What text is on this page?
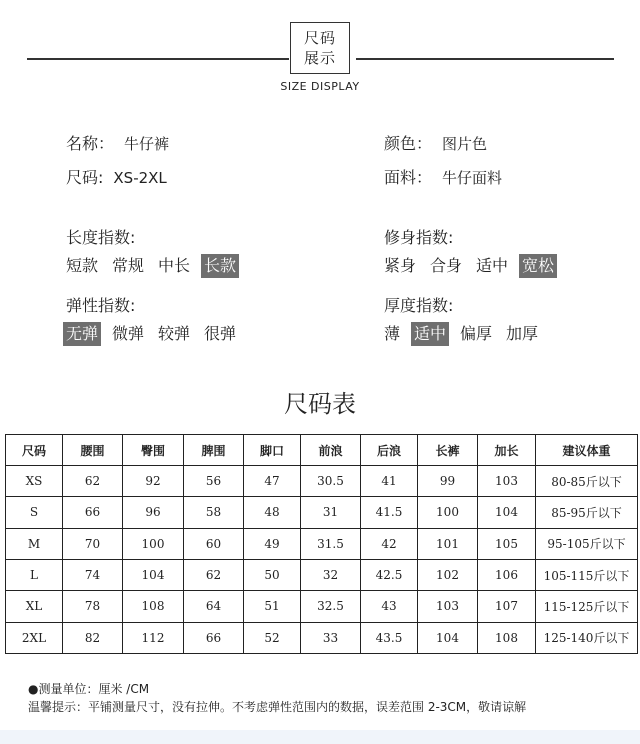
尺码
展示
SIZE DISPLAY
名称： 牛仔裤
尺码: XS-2XL
颜色： 图片色
面料： 牛仔面料
长度指数:
短款 常规 中长 长款
修身指数:
紧身 合身 适中 宽松
弹性指数:
无弹 微弹 较弹 很弹
厚度指数:
薄 适中 偏厚 加厚
尺码表
尺码	腰围	臀围	脾围	脚口	前浪	后浪	长裤	加长	建议体重
XS	62	92	56	47	30.5	41	99	103	80-85斤以下
S	66	96	58	48	31	41.5	100	104	85-95斤以下
M	70	100	60	49	31.5	42	101	105	95-105斤以下
L	74	104	62	50	32	42.5	102	106	105-115斤以下
XL	78	108	64	51	32.5	43	103	107	115-125斤以下
2XL	82	112	66	52	33	43.5	104	108	125-140斤以下
●测量单位：厘米 /CM
温馨提示：平铺测量尺寸，没有拉伸。不考虑弹性范围内的数据，误差范围 2-3CM，敬请谅解
